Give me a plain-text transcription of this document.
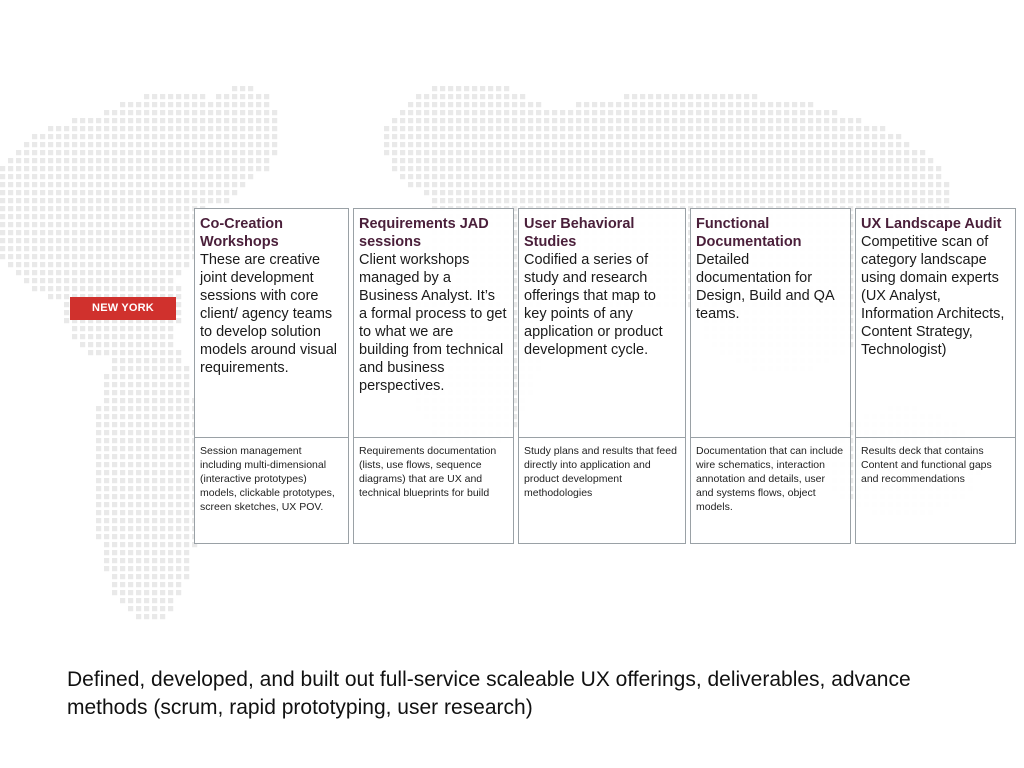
NEW YORK
Co-Creation Workshops
These are creative joint development sessions with core client/ agency teams to develop solution models around visual requirements.
Session management including multi-dimensional (interactive prototypes) models, clickable prototypes, screen sketches, UX POV.
Requirements JAD sessions
Client workshops managed by a Business Analyst. It’s a formal process to get to what we are building from technical and business perspectives.
Requirements documentation (lists, use flows, sequence diagrams) that are UX and technical blueprints for build
User Behavioral Studies
Codified a series of study and research offerings that map to key points of any application or product development cycle.
Study plans and results that feed directly into application and product development methodologies
Functional Documentation
Detailed documentation for Design, Build and QA teams.
Documentation that can include wire schematics, interaction annotation and details, user and systems flows, object models.
UX Landscape Audit
Competitive scan of category landscape using domain experts (UX Analyst, Information Architects, Content Strategy, Technologist)
Results deck that contains Content and functional gaps and recommendations
Defined, developed, and built out full-service scaleable UX offerings, deliverables, advance methods (scrum, rapid prototyping, user research)
